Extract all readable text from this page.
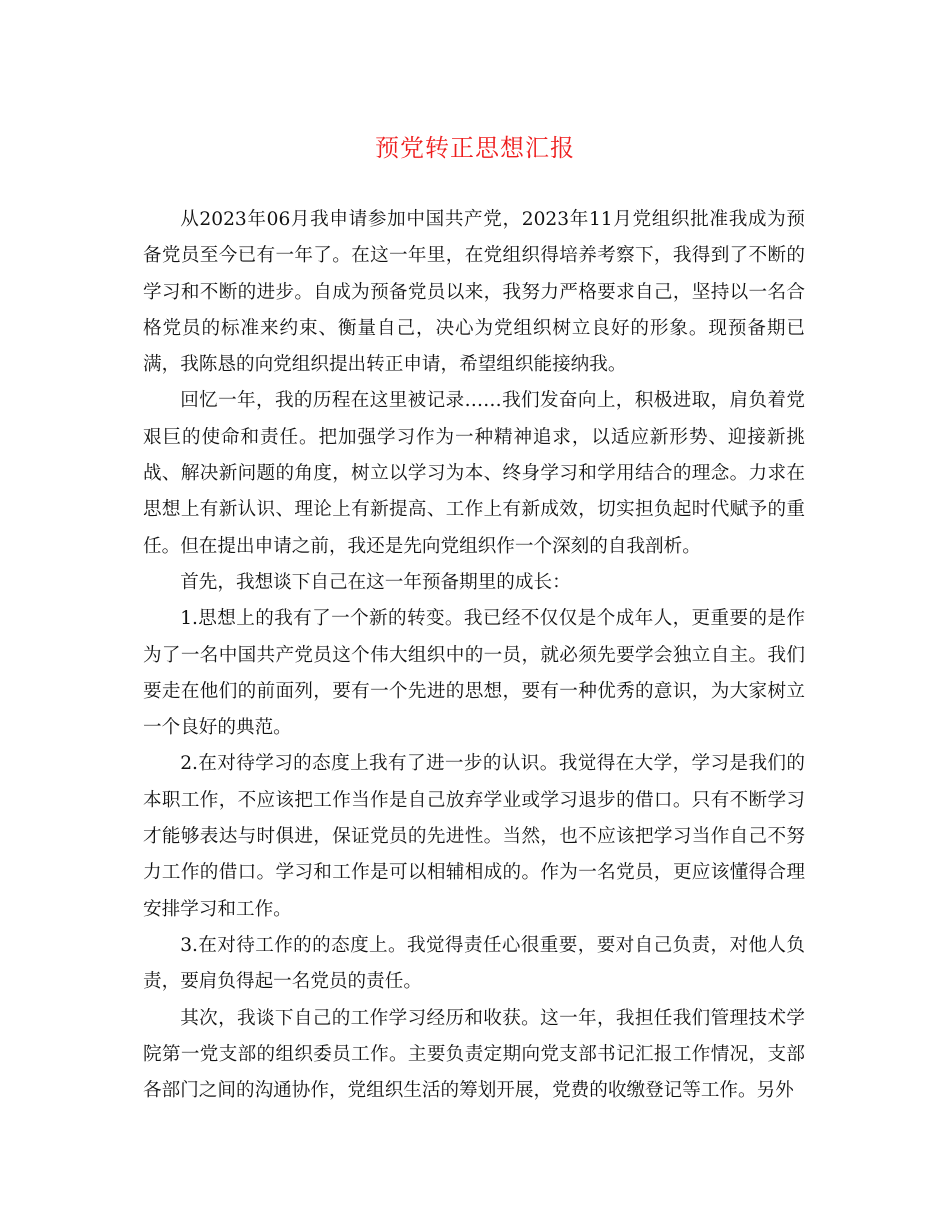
预党转正思想汇报

从2023年06月我申请参加中国共产党，2023年11月党组织批准我成为预备党员至今已有一年了。在这一年里，在党组织得培养考察下，我得到了不断的学习和不断的进步。自成为预备党员以来，我努力严格要求自己，坚持以一名合格党员的标准来约束、衡量自己，决心为党组织树立良好的形象。现预备期已满，我陈恳的向党组织提出转正申请，希望组织能接纳我。

回忆一年，我的历程在这里被记录……我们发奋向上，积极进取，肩负着党艰巨的使命和责任。把加强学习作为一种精神追求，以适应新形势、迎接新挑战、解决新问题的角度，树立以学习为本、终身学习和学用结合的理念。力求在思想上有新认识、理论上有新提高、工作上有新成效，切实担负起时代赋予的重任。但在提出申请之前，我还是先向党组织作一个深刻的自我剖析。

首先，我想谈下自己在这一年预备期里的成长：

1.思想上的我有了一个新的转变。我已经不仅仅是个成年人，更重要的是作为了一名中国共产党员这个伟大组织中的一员，就必须先要学会独立自主。我们要走在他们的前面列，要有一个先进的思想，要有一种优秀的意识，为大家树立一个良好的典范。

2.在对待学习的态度上我有了进一步的认识。我觉得在大学，学习是我们的本职工作，不应该把工作当作是自己放弃学业或学习退步的借口。只有不断学习才能够表达与时俱进，保证党员的先进性。当然，也不应该把学习当作自己不努力工作的借口。学习和工作是可以相辅相成的。作为一名党员，更应该懂得合理安排学习和工作。

3.在对待工作的的态度上。我觉得责任心很重要，要对自己负责，对他人负责，要肩负得起一名党员的责任。

其次，我谈下自己的工作学习经历和收获。这一年，我担任我们管理技术学院第一党支部的组织委员工作。主要负责定期向党支部书记汇报工作情况，支部各部门之间的沟通协作，党组织生活的筹划开展，党费的收缴登记等工作。另外
